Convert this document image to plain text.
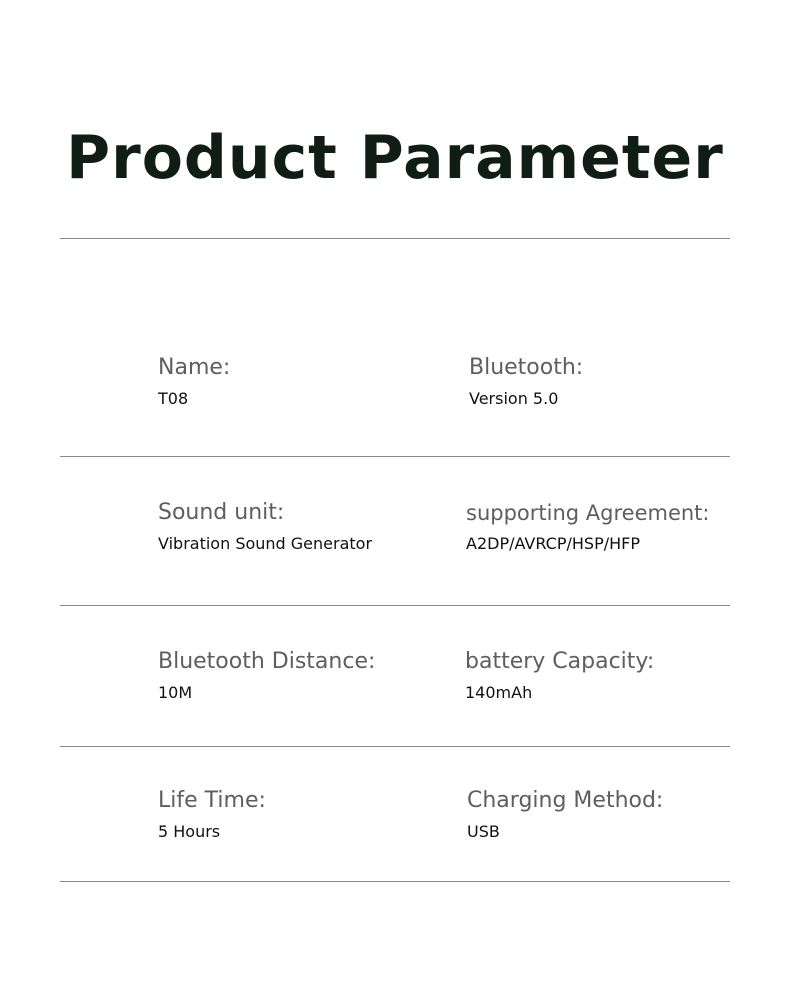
Product Parameter
Name:
T08
Bluetooth:
Version 5.0
Sound unit:
Vibration Sound Generator
supporting Agreement:
A2DP/AVRCP/HSP/HFP
Bluetooth Distance:
10M
battery Capacity:
140mAh
Life Time:
5 Hours
Charging Method:
USB
